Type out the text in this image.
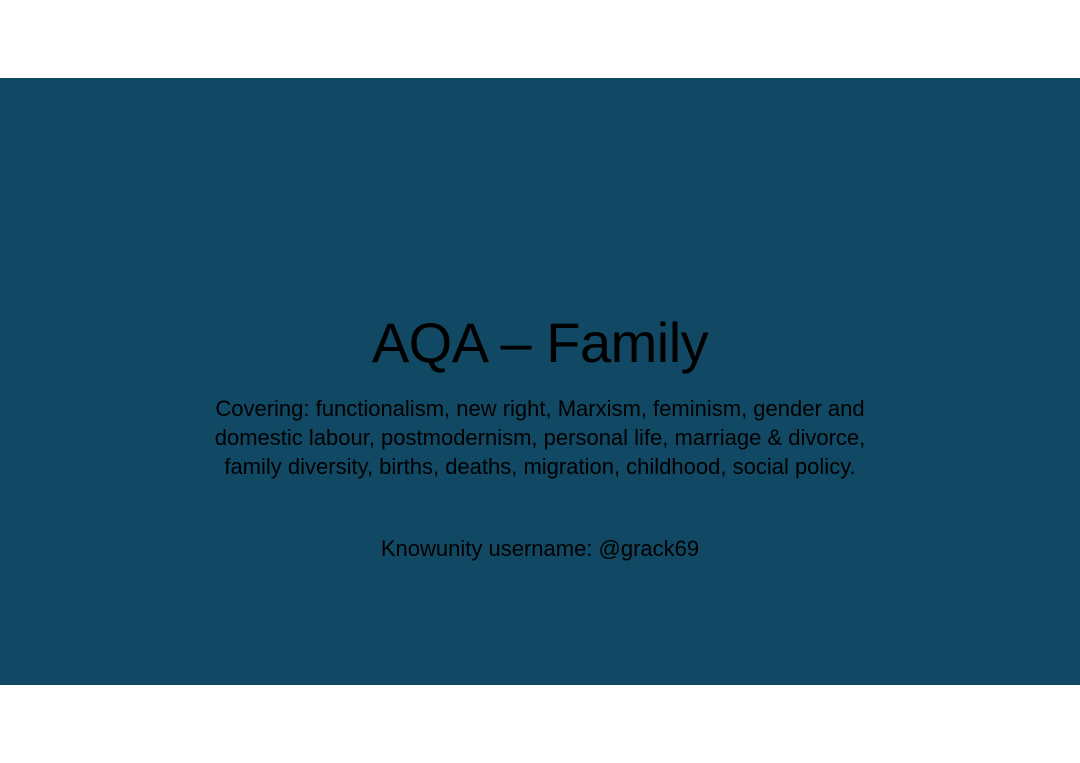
AQA – Family
Covering: functionalism, new right, Marxism, feminism, gender and
domestic labour, postmodernism, personal life, marriage & divorce,
family diversity, births, deaths, migration, childhood, social policy.
Knowunity username: @grack69
